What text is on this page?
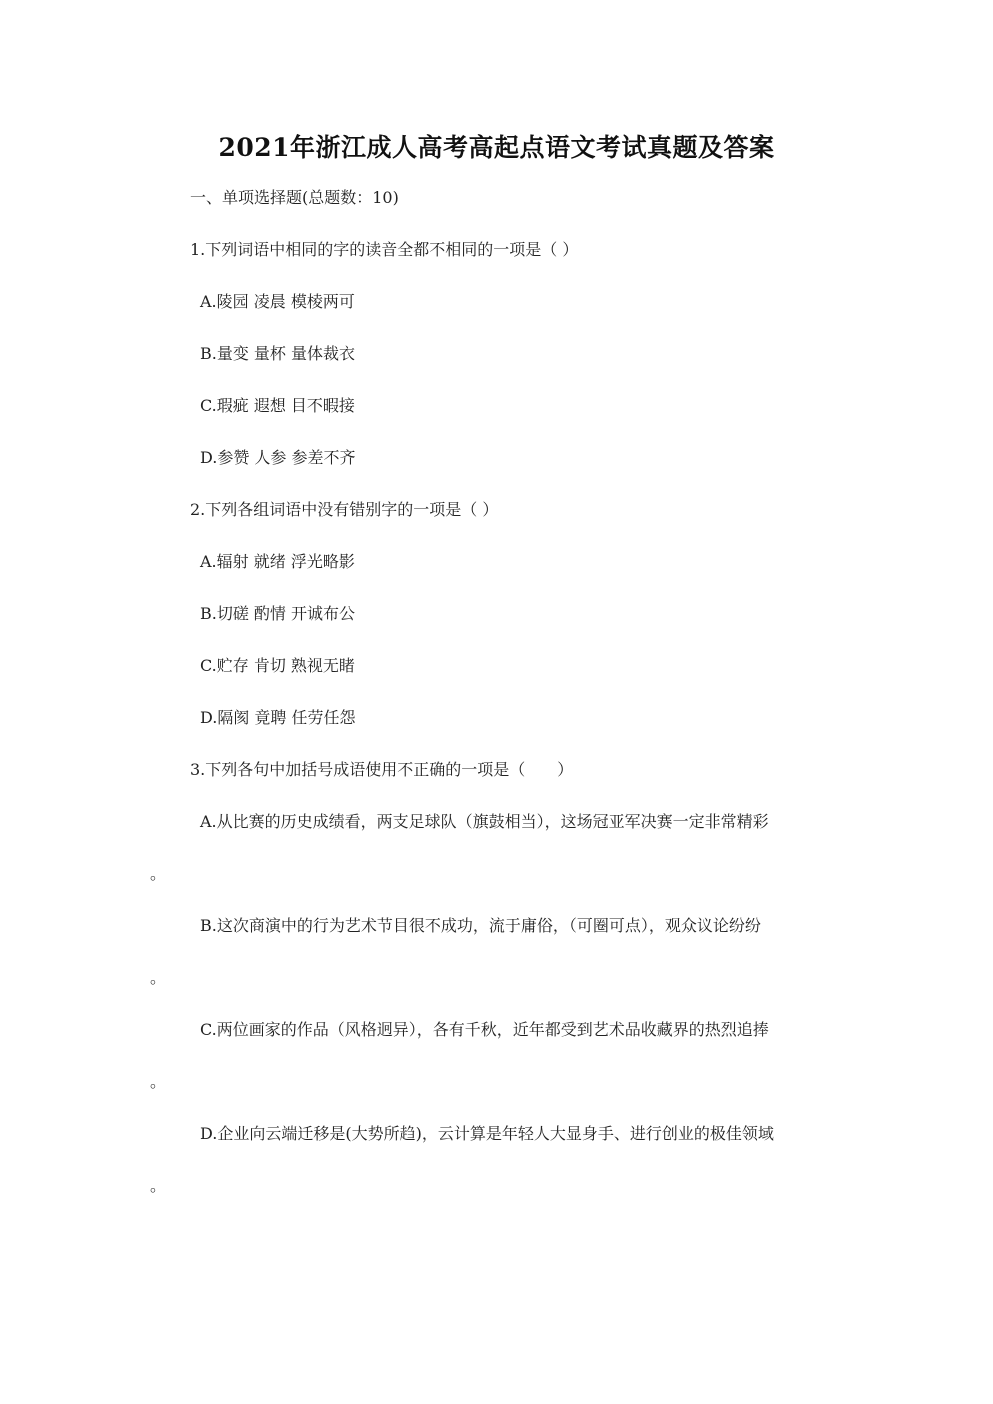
2021年浙江成人高考高起点语文考试真题及答案
一、单项选择题(总题数：10)
1.下列词语中相同的字的读音全都不相同的一项是（ ）
A.陵园 凌晨 模棱两可
B.量变 量杯 量体裁衣
C.瑕疵 遐想 目不暇接
D.参赞 人参 参差不齐
2.下列各组词语中没有错别字的一项是（ ）
A.辐射 就绪 浮光略影
B.切磋 酌情 开诚布公
C.贮存 肯切 熟视无睹
D.隔阂 竟聘 任劳任怨
3.下列各句中加括号成语使用不正确的一项是（　　）
A.从比赛的历史成绩看，两支足球队（旗鼓相当），这场冠亚军决赛一定非常精彩
。
B.这次商演中的行为艺术节目很不成功，流于庸俗，（可圈可点），观众议论纷纷
。
C.两位画家的作品（风格迥异），各有千秋，近年都受到艺术品收藏界的热烈追捧
。
D.企业向云端迁移是(大势所趋)，云计算是年轻人大显身手、进行创业的极佳领域
。
